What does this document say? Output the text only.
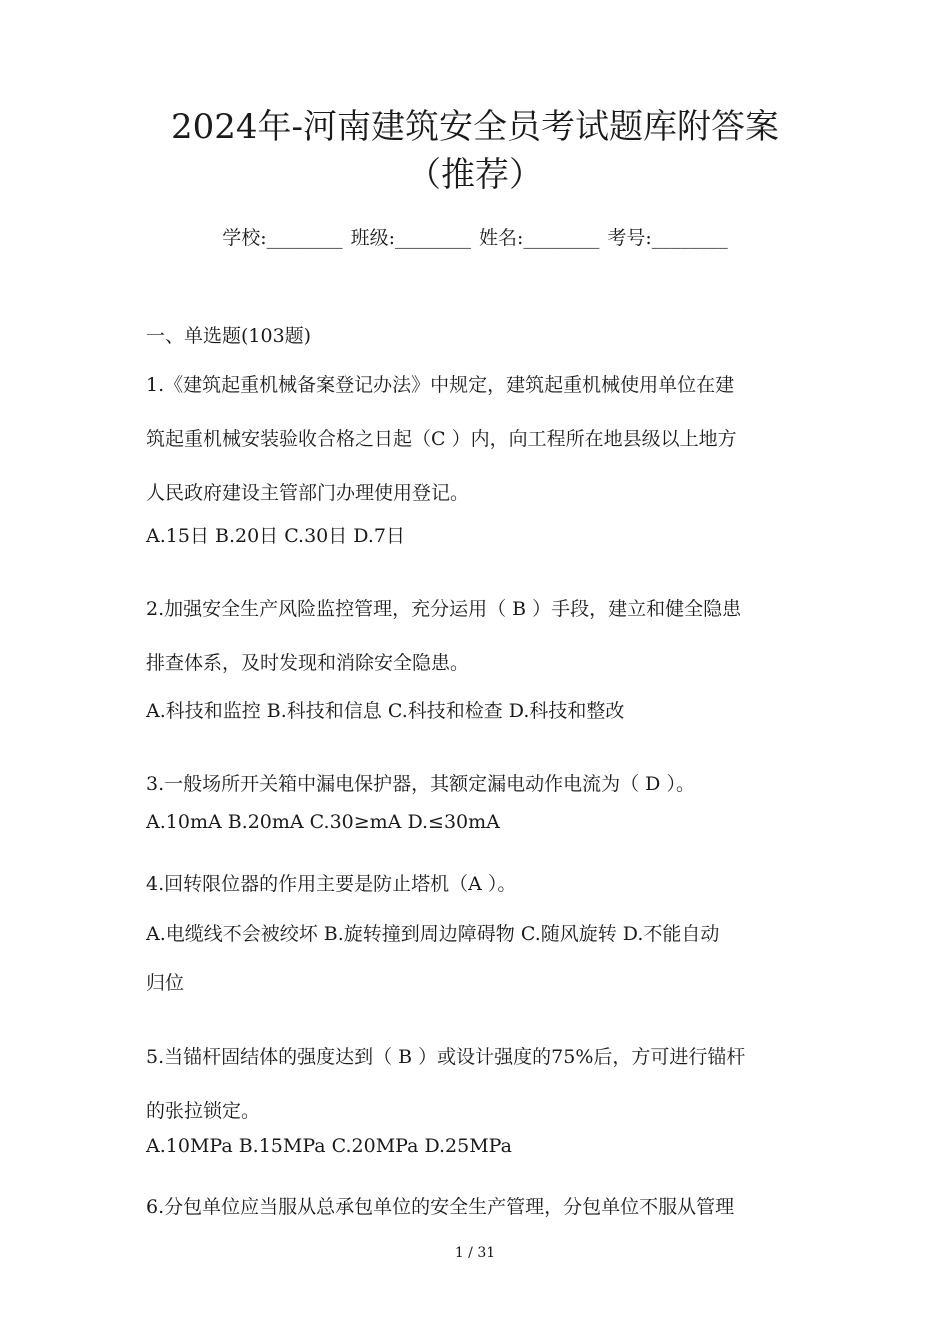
2024年-河南建筑安全员考试题库附答案
（推荐）
学校:________ 班级:________ 姓名:________ 考号:________
一、单选题(103题)
1.《建筑起重机械备案登记办法》中规定，建筑起重机械使用单位在建
筑起重机械安装验收合格之日起（C ）内，向工程所在地县级以上地方
人民政府建设主管部门办理使用登记。
A.15日 B.20日 C.30日 D.7日
2.加强安全生产风险监控管理，充分运用（ B ）手段，建立和健全隐患
排查体系，及时发现和消除安全隐患。
A.科技和监控 B.科技和信息 C.科技和检查 D.科技和整改
3.一般场所开关箱中漏电保护器，其额定漏电动作电流为（ D ）。
A.10mA B.20mA C.30≥mA D.≤30mA
4.回转限位器的作用主要是防止塔机（A ）。
A.电缆线不会被绞坏 B.旋转撞到周边障碍物 C.随风旋转 D.不能自动
归位
5.当锚杆固结体的强度达到（ B ）或设计强度的75%后，方可进行锚杆
的张拉锁定。
A.10MPa B.15MPa C.20MPa D.25MPa
6.分包单位应当服从总承包单位的安全生产管理，分包单位不服从管理
1 / 31
